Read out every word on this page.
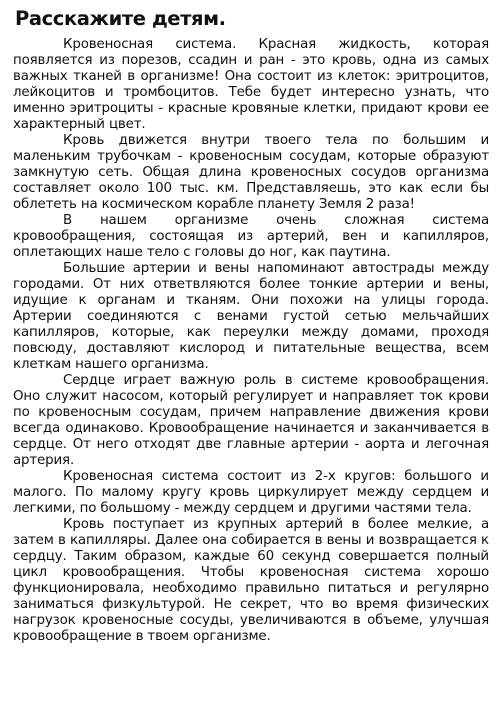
Расскажите детям.

Кровеносная система. Красная жидкость, которая появляется из порезов, ссадин и ран - это кровь, одна из самых важных тканей в организме! Она состоит из клеток: эритроцитов, лейкоцитов и тромбоцитов. Тебе будет интересно узнать, что именно эритроциты - красные кровяные клетки, придают крови ее характерный цвет.

Кровь движется внутри твоего тела по большим и маленьким трубочкам - кровеносным сосудам, которые образуют замкнутую сеть. Общая длина кровеносных сосудов организма составляет около 100 тыс. км. Представляешь, это как если бы облететь на космическом корабле планету Земля 2 раза!

В нашем организме очень сложная система кровообращения, состоящая из артерий, вен и капилляров, оплетающих наше тело с головы до ног, как паутина.

Большие артерии и вены напоминают автострады между городами. От них ответвляются более тонкие артерии и вены, идущие к органам и тканям. Они похожи на улицы города. Артерии соединяются с венами густой сетью мельчайших капилляров, которые, как переулки между домами, проходя повсюду, доставляют кислород и питательные вещества, всем клеткам нашего организма.

Сердце играет важную роль в системе кровообращения. Оно служит насосом, который регулирует и направляет ток крови по кровеносным сосудам, причем направление движения крови всегда одинаково. Кровообращение начинается и заканчивается в сердце. От него отходят две главные артерии - аорта и легочная артерия.

Кровеносная система состоит из 2-х кругов: большого и малого. По малому кругу кровь циркулирует между сердцем и легкими, по большому - между сердцем и другими частями тела.

Кровь поступает из крупных артерий в более мелкие, а затем в капилляры. Далее она собирается в вены и возвращается к сердцу. Таким образом, каждые 60 секунд совершается полный цикл кровообращения. Чтобы кровеносная система хорошо функционировала, необходимо правильно питаться и регулярно заниматься физкультурой. Не секрет, что во время физических нагрузок кровеносные сосуды, увеличиваются в объеме, улучшая кровообращение в твоем организме.
